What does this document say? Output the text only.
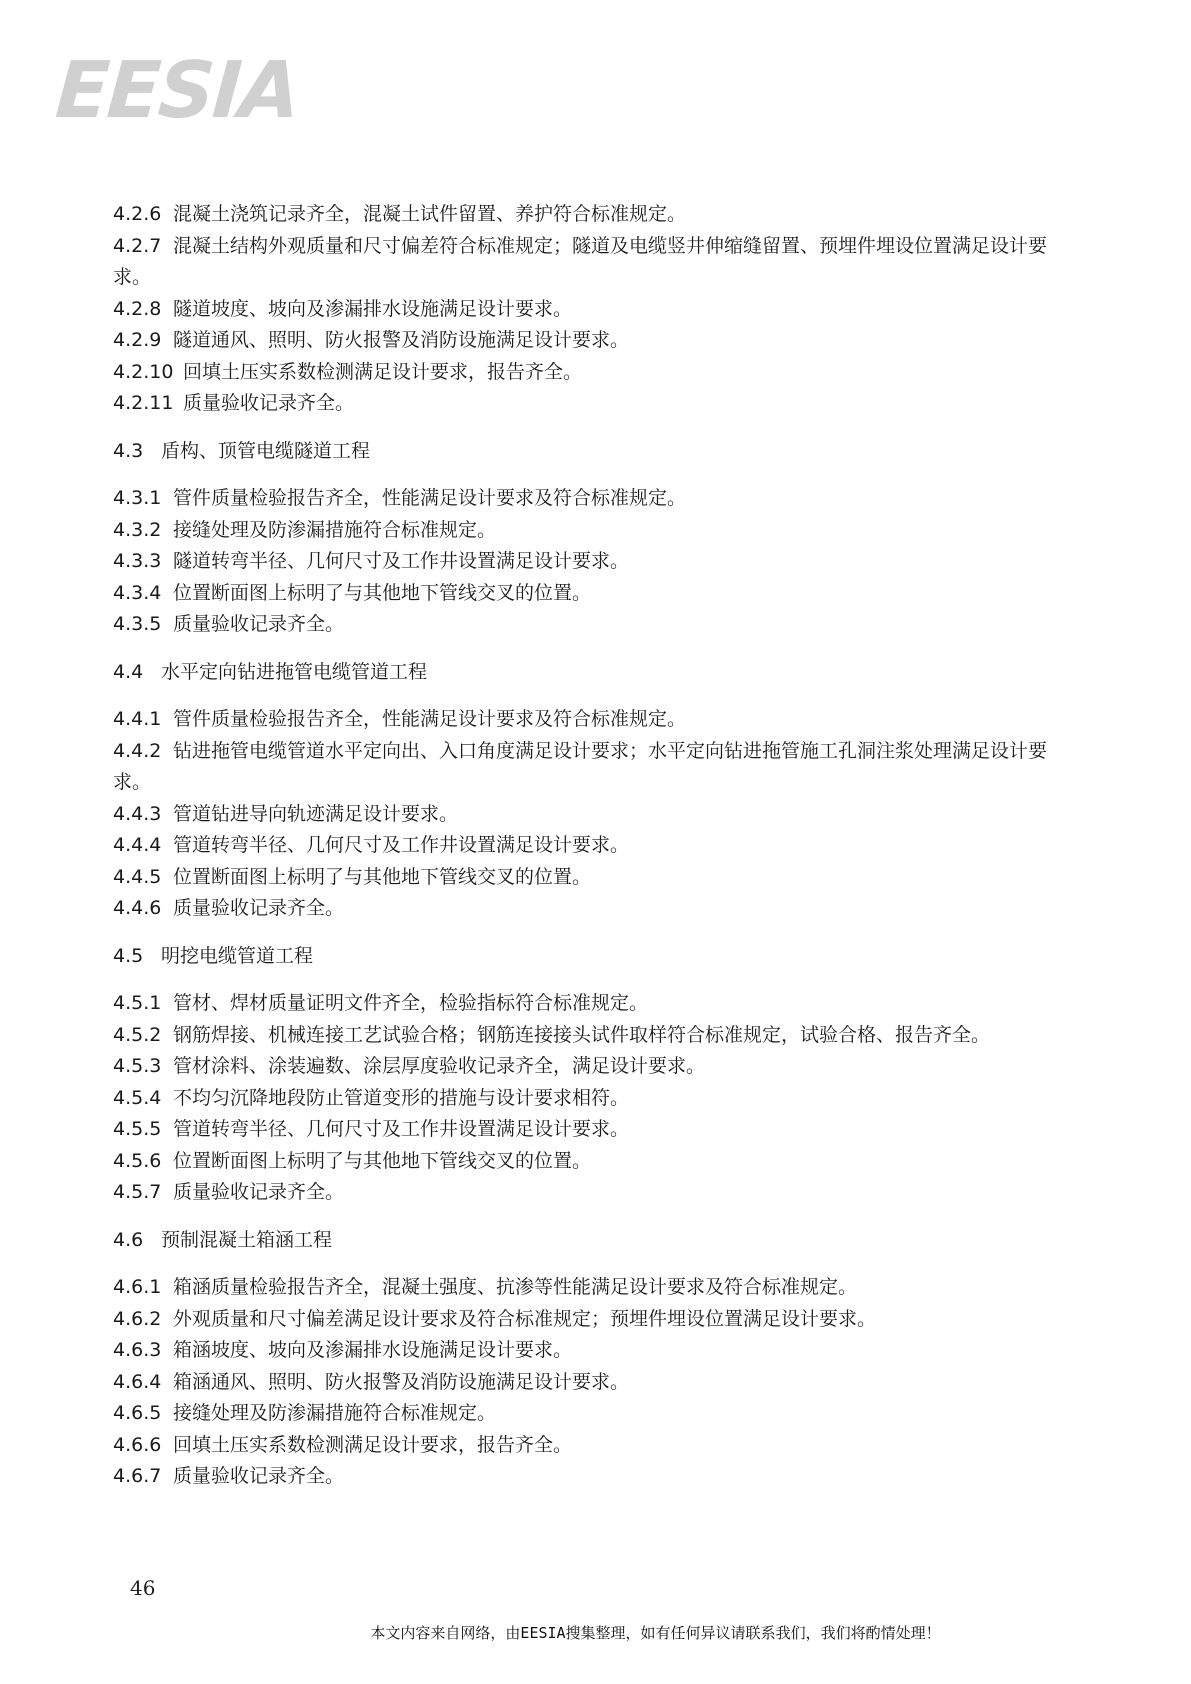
EESIA
4.2.6 混凝土浇筑记录齐全，混凝土试件留置、养护符合标准规定。
4.2.7 混凝土结构外观质量和尺寸偏差符合标准规定；隧道及电缆竖井伸缩缝留置、预埋件埋设位置满足设计要求。
4.2.8 隧道坡度、坡向及渗漏排水设施满足设计要求。
4.2.9 隧道通风、照明、防火报警及消防设施满足设计要求。
4.2.10 回填土压实系数检测满足设计要求，报告齐全。
4.2.11 质量验收记录齐全。
4.3 盾构、顶管电缆隧道工程
4.3.1 管件质量检验报告齐全，性能满足设计要求及符合标准规定。
4.3.2 接缝处理及防渗漏措施符合标准规定。
4.3.3 隧道转弯半径、几何尺寸及工作井设置满足设计要求。
4.3.4 位置断面图上标明了与其他地下管线交叉的位置。
4.3.5 质量验收记录齐全。
4.4 水平定向钻进拖管电缆管道工程
4.4.1 管件质量检验报告齐全，性能满足设计要求及符合标准规定。
4.4.2 钻进拖管电缆管道水平定向出、入口角度满足设计要求；水平定向钻进拖管施工孔洞注浆处理满足设计要求。
4.4.3 管道钻进导向轨迹满足设计要求。
4.4.4 管道转弯半径、几何尺寸及工作井设置满足设计要求。
4.4.5 位置断面图上标明了与其他地下管线交叉的位置。
4.4.6 质量验收记录齐全。
4.5 明挖电缆管道工程
4.5.1 管材、焊材质量证明文件齐全，检验指标符合标准规定。
4.5.2 钢筋焊接、机械连接工艺试验合格；钢筋连接接头试件取样符合标准规定，试验合格、报告齐全。
4.5.3 管材涂料、涂装遍数、涂层厚度验收记录齐全，满足设计要求。
4.5.4 不均匀沉降地段防止管道变形的措施与设计要求相符。
4.5.5 管道转弯半径、几何尺寸及工作井设置满足设计要求。
4.5.6 位置断面图上标明了与其他地下管线交叉的位置。
4.5.7 质量验收记录齐全。
4.6 预制混凝土箱涵工程
4.6.1 箱涵质量检验报告齐全，混凝土强度、抗渗等性能满足设计要求及符合标准规定。
4.6.2 外观质量和尺寸偏差满足设计要求及符合标准规定；预埋件埋设位置满足设计要求。
4.6.3 箱涵坡度、坡向及渗漏排水设施满足设计要求。
4.6.4 箱涵通风、照明、防火报警及消防设施满足设计要求。
4.6.5 接缝处理及防渗漏措施符合标准规定。
4.6.6 回填土压实系数检测满足设计要求，报告齐全。
4.6.7 质量验收记录齐全。
46
本文内容来自网络，由EESIA搜集整理，如有任何异议请联系我们，我们将酌情处理！
